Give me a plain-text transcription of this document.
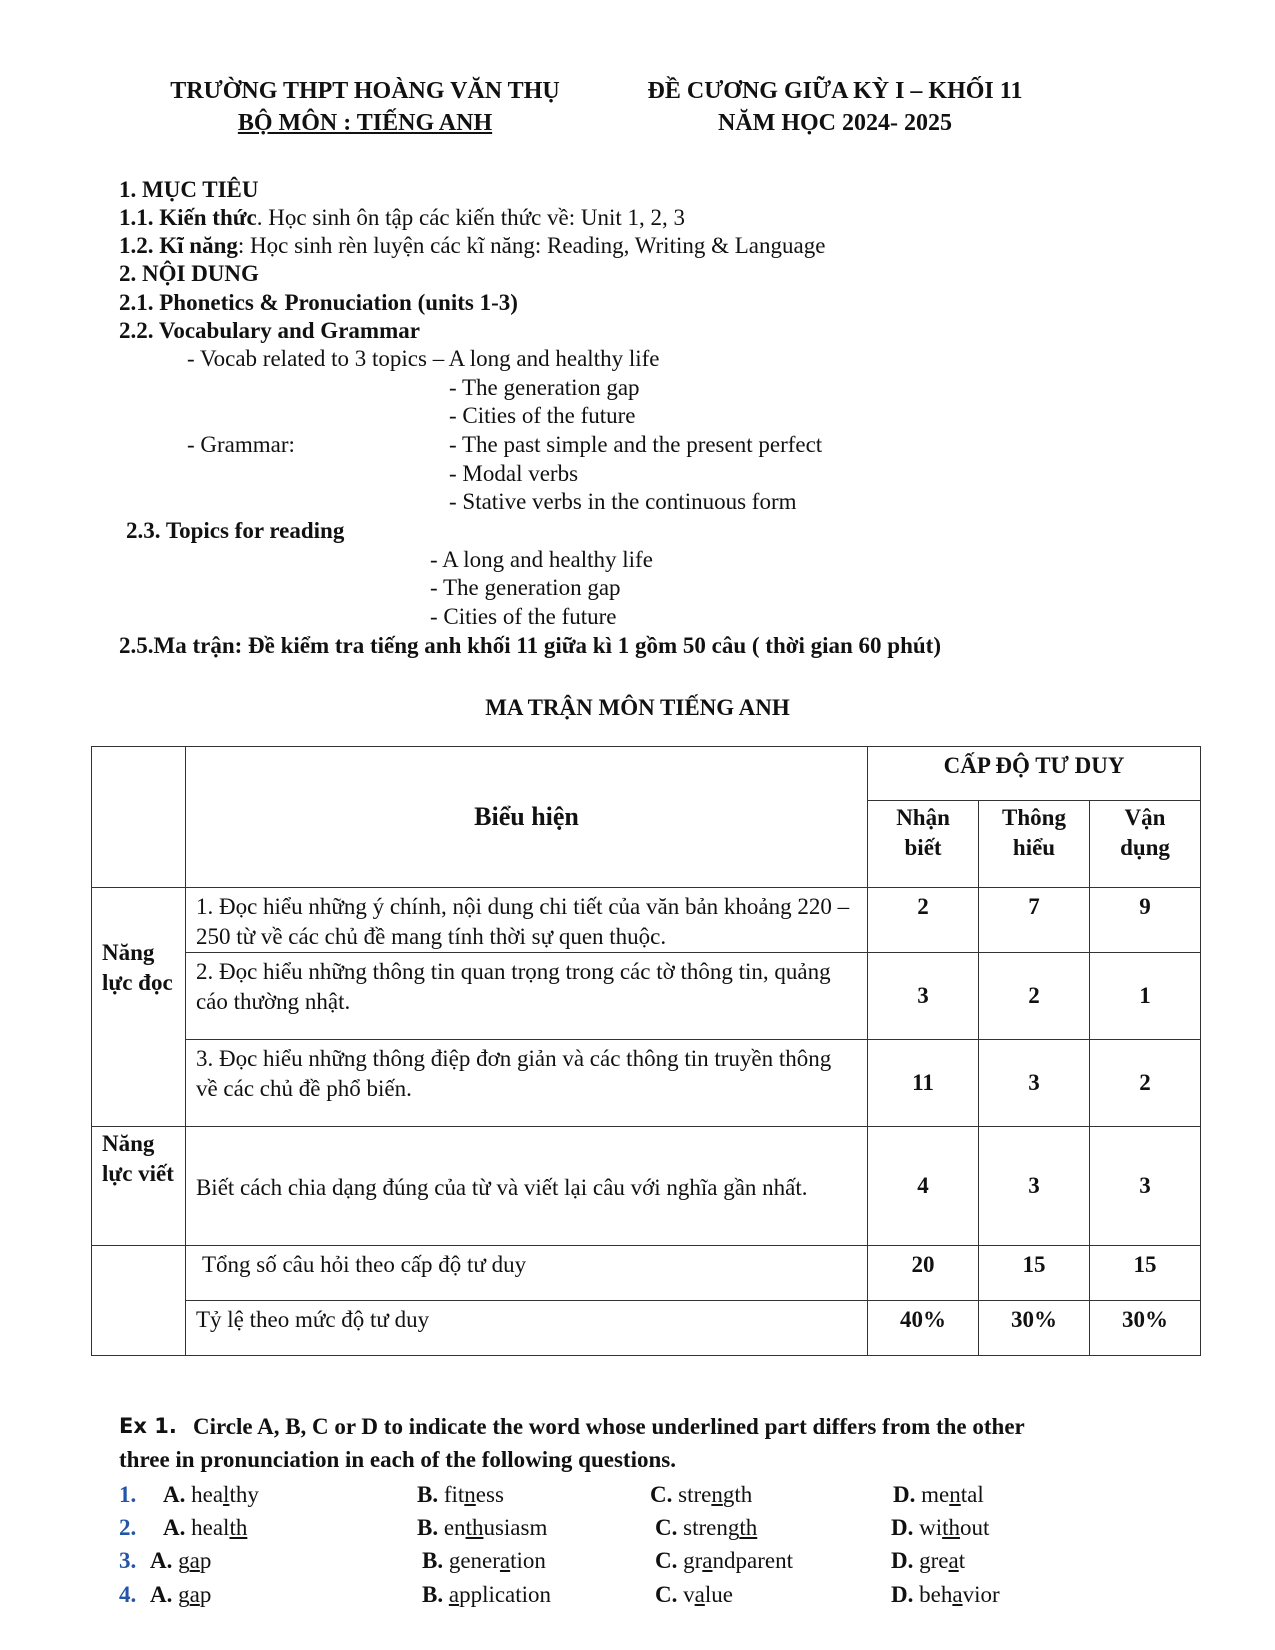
TRƯỜNG THPT HOÀNG VĂN THỤ
BỘ MÔN : TIẾNG ANH
ĐỀ CƯƠNG GIỮA KỲ I – KHỐI 11
NĂM HỌC 2024- 2025
1. MỤC TIÊU
1.1. Kiến thức. Học sinh ôn tập các kiến thức về: Unit 1, 2, 3
1.2. Kĩ năng: Học sinh rèn luyện các kĩ năng: Reading, Writing & Language
2. NỘI DUNG
2.1. Phonetics & Pronuciation (units 1-3)
2.2. Vocabulary and Grammar
- Vocab related to 3 topics – A long and healthy life
- The generation gap
- Cities of the future
- Grammar:	- The past simple and the present perfect
- Modal verbs
- Stative verbs in the continuous form
2.3. Topics for reading
- A long and healthy life
- The generation gap
- Cities of the future
2.5.Ma trận: Đề kiểm tra tiếng anh khối 11 giữa kì 1 gồm 50 câu ( thời gian 60 phút)
MA TRẬN MÔN TIẾNG ANH
	Biểu hiện	CẤP ĐỘ TƯ DUY		
		Nhận biết	Thông hiểu	Vận dụng
Năng lực đọc	1. Đọc hiểu những ý chính, nội dung chi tiết của văn bản khoảng 220 – 250 từ về các chủ đề mang tính thời sự quen thuộc.	2	7	9
	2. Đọc hiểu những thông tin quan trọng trong các tờ thông tin, quảng cáo thường nhật.	3	2	1
	3. Đọc hiểu những thông điệp đơn giản và các thông tin truyền thông về các chủ đề phổ biến.	11	3	2
Năng lực viết	Biết cách chia dạng đúng của từ và viết lại câu với nghĩa gần nhất.	4	3	3
	Tổng số câu hỏi theo cấp độ tư duy	20	15	15
	Tỷ lệ theo mức độ tư duy	40%	30%	30%
Ex 1. Circle A, B, C or D to indicate the word whose underlined part differs from the other
three in pronunciation in each of the following questions.
1. A. healthy	B. fitness	C. strength	D. mental
2. A. health	B. enthusiasm	C. strength	D. without
3. A. gap	B. generation	C. grandparent	D. great
4. A. gap	B. application	C. value	D. behavior
